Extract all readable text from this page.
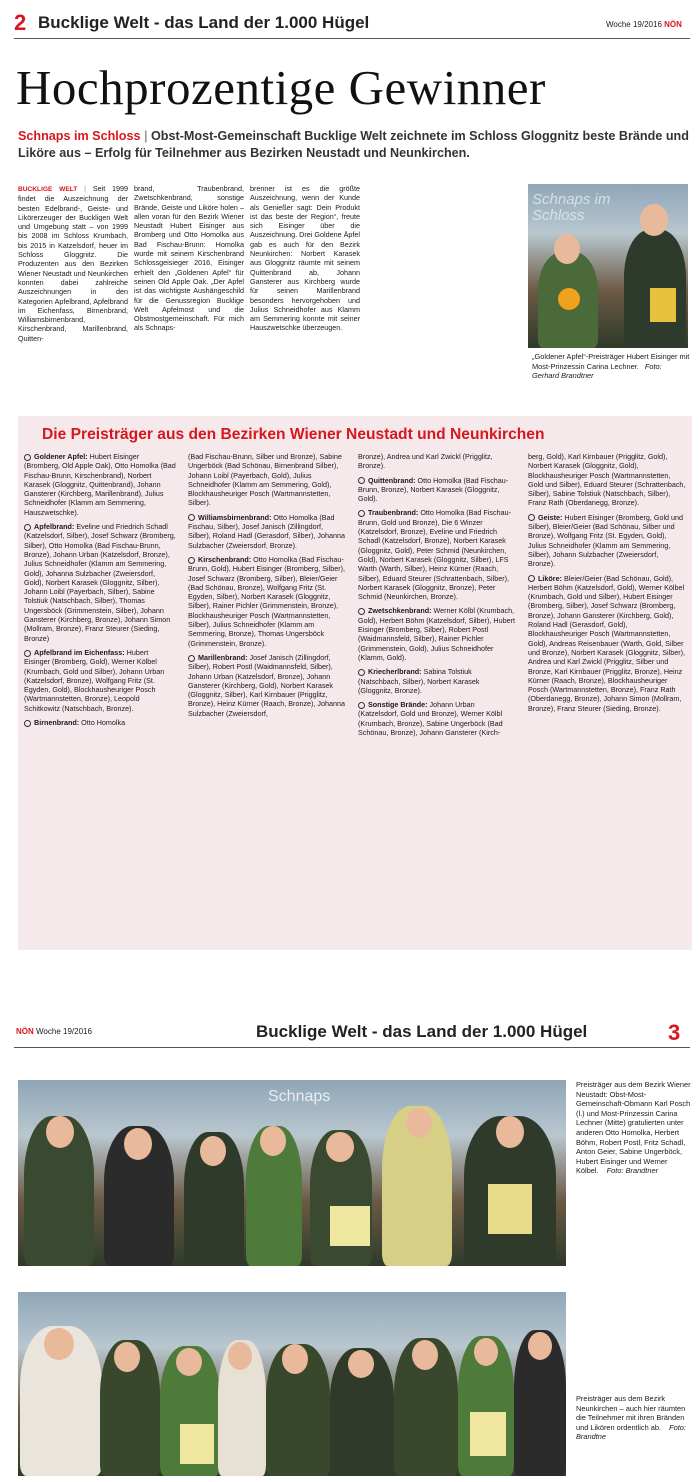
2 Bucklige Welt - das Land der 1.000 Hügel	Woche 19/2016 NÖN
Hochprozentige Gewinner
Schnaps im Schloss | Obst-Most-Gemeinschaft Bucklige Welt zeichnete im Schloss Gloggnitz beste Brände und Liköre aus – Erfolg für Teilnehmer aus Bezirken Neustadt und Neunkirchen.
BUCKLIGE WELT | Seit 1999 findet die Auszeichnung der besten Edelbrand-, Geiste- und Likörerzeuger der Buckligen Welt und Umgebung statt – von 1999 bis 2008 im Schloss Krumbach, bis 2015 in Katzelsdorf, heuer im Schloss Gloggnitz. Die Produzenten aus den Bezirken Wiener Neustadt und Neunkirchen konnten dabei zahlreiche Auszeichnungen in den Kategorien Apfelbrand, Apfelbrand im Eichenfass, Birnenbrand, Williamsbirnenbrand, Kirschenbrand, Marillenbrand, Quitten-
brand, Traubenbrand, Zwetschkenbrand, sonstige Brände, Geiste und Liköre holen – allen voran für den Bezirk Wiener Neustadt Hubert Eisinger aus Bromberg und Otto Homolka aus Bad Fischau-Brunn: Homolka wurde mit seinem Kirschenbrand Schlossgeisieger 2016, Eisinger erhielt den „Goldenen Apfel“ für seinen Old Apple Oak. „Der Apfel ist das wichtigste Aushängeschild für die Genussregion Bucklige Welt Apfelmost und die Obstmostgemeinschaft. Für mich als Schnaps-
brenner ist es die größte Auszeichnung, wenn der Kunde als Genießer sagt: Dein Produkt ist das beste der Region“, freute sich Eisinger über die Auszeichnung. Drei Goldene Äpfel gab es auch für den Bezirk Neunkirchen: Norbert Karasek aus Gloggnitz räumte mit seinem Quittenbrand ab, Johann Gansterer aus Kirchberg wurde für seinen Marillenbrand besonders hervorgehoben und Julius Schneidhofer aus Klamm am Semmering konnte mit seiner Hauszwetschke überzeugen.
Schnaps im Schloss
„Goldener Apfel“-Preisträger Hubert Eisinger mit Most-Prinzessin Carina Lechner. Foto: Gerhard Brandtner
Die Preisträger aus den Bezirken Wiener Neustadt und Neunkirchen

Goldener Apfel: Hubert Eisinger (Bromberg, Old Apple Oak), Otto Homolka (Bad Fischau-Brunn, Kirschenbrand), Norbert Karasek (Gloggnitz, Quittenbrand), Johann Gansterer (Kirchberg, Marillenbrand), Julius Schneidhofer (Klamm am Semmering, Hauszwetschke).

Apfelbrand: Eveline und Friedrich Schadl (Katzelsdorf, Silber), Josef Schwarz (Bromberg, Silber), Otto Homolka (Bad Fischau-Brunn, Bronze), Johann Urban (Katzelsdorf, Bronze), Julius Schneidhofer (Klamm am Semmering, Gold), Johanna Sulzbacher (Zweiersdorf, Gold), Norbert Karasek (Gloggnitz, Silber), Johann Loibl (Payerbach, Silber), Sabine Tolstiuk (Natschbach, Silber), Thomas Ungersböck (Grimmenstein, Silber), Johann Gansterer (Kirchberg, Bronze), Johann Simon (Mollram, Bronze), Franz Steurer (Sieding, Bronze)

Apfelbrand im Eichenfass: Hubert Eisinger (Bromberg, Gold), Werner Kölbel (Krumbach, Gold und Silber), Johann Urban (Katzelsdorf, Bronze), Wolfgang Fritz (St. Egyden, Gold), Blockhausheuriger Posch (Wartmannstetten, Bronze), Leopold Schitkowitz (Natschbach, Bronze).

Birnenbrand: Otto Homolka

(Bad Fischau-Brunn, Silber und Bronze), Sabine Ungerböck (Bad Schönau, Birnenbrand Silber), Johann Loibl (Payerbach, Gold), Julius Schneidhofer (Klamm am Semmering, Gold), Blockhausheuriger Posch (Wartmannstetten, Silber).

Williamsbirnenbrand: Otto Homolka (Bad Fischau, Silber), Josef Janisch (Zillingdorf, Silber), Roland Hadl (Gerasdorf, Silber), Johanna Sulzbacher (Zweiersdorf, Bronze).

Kirschenbrand: Otto Homolka (Bad Fischau-Brunn, Gold), Hubert Eisinger (Bromberg, Silber), Josef Schwarz (Bromberg, Silber), Bleier/Geier (Bad Schönau, Bronze), Wolfgang Fritz (St. Egyden, Silber), Norbert Karasek (Gloggnitz, Silber), Rainer Pichler (Grimmenstein, Bronze), Blockhausheuriger Posch (Wartmannstetten, Silber), Julius Schneidhofer (Klamm am Semmering, Bronze), Thomas Ungersböck (Grimmenstein, Bronze).

Marillenbrand: Josef Janisch (Zillingdorf, Silber), Robert Postl (Waidmannsfeld, Silber), Johann Urban (Katzelsdorf, Bronze), Johann Gansterer (Kirchberg, Gold), Norbert Karasek (Gloggnitz, Silber), Karl Kirnbauer (Prigglitz, Bronze), Heinz Kürner (Raach, Bronze), Johanna Sulzbacher (Zweiersdorf,

Bronze), Andrea und Karl Zwickl (Prigglitz, Bronze).

Quittenbrand: Otto Homolka (Bad Fischau-Brunn, Bronze), Norbert Karasek (Gloggnitz, Gold).

Traubenbrand: Otto Homolka (Bad Fischau-Brunn, Gold und Bronze), Die 6 Winzer (Katzelsdorf, Bronze), Eveline und Friedrich Schadl (Katzelsdorf, Bronze), Norbert Karasek (Gloggnitz, Gold), Peter Schmid (Neunkirchen, Gold), Norbert Karasek (Gloggnitz, Silber), LFS Warth (Warth, Silber), Heinz Kürner (Raach, Silber), Eduard Steurer (Schrattenbach, Silber), Norbert Karasek (Gloggnitz, Bronze), Peter Schmid (Neunkirchen, Bronze).

Zwetschkenbrand: Werner Kölbl (Krumbach, Gold), Herbert Böhm (Katzelsdorf, Silber), Hubert Eisinger (Bromberg, Silber), Robert Postl (Waidmannsfeld, Silber), Rainer Pichler (Grimmenstein, Gold), Julius Schneidhofer (Klamm, Gold).

Kriecherlbrand: Sabina Tolstiuk (Natschbach, Silber), Norbert Karasek (Gloggnitz, Bronze).

Sonstige Brände: Johann Urban (Katzelsdorf, Gold und Bronze), Werner Kölbl (Krumbach, Bronze), Sabine Ungerböck (Bad Schönau, Bronze), Johann Gansterer (Kirch-

berg, Gold), Karl Kirnbauer (Prigglitz, Gold), Norbert Karasek (Gloggnitz, Gold), Blockhausheuriger Posch (Wartmannstetten, Gold und Silber), Eduard Steurer (Schrattenbach, Silber), Sabine Tolstiuk (Natschbach, Silber), Franz Rath (Oberdanegg, Bronze).

Geiste: Hubert Eisinger (Bromberg, Gold und Silber), Bleier/Geier (Bad Schönau, Silber und Bronze), Wolfgang Fritz (St. Egyden, Gold), Julius Schneidhofer (Klamm am Semmering, Silber), Johann Sulzbacher (Zweiersdorf, Bronze).

Liköre: Bleier/Geier (Bad Schönau, Gold), Herbert Böhm (Katzelsdorf, Gold), Werner Kölbel (Krumbach, Gold und Silber), Hubert Eisinger (Bromberg, Silber), Josef Schwarz (Bromberg, Bronze), Johann Gansterer (Kirchberg, Gold), Roland Hadl (Gerasdorf, Gold), Blockhausheuriger Posch (Wartmannstetten, Gold), Andreas Reisenbauer (Warth, Gold, Silber und Bronze), Norbert Karasek (Gloggnitz, Silber), Andrea und Karl Zwickl (Prigglitz, Silber und Bronze, Karl Kirnbauer (Prigglitz, Bronze), Heinz Kürner (Raach, Bronze), Blockhausheuriger Posch (Wartmannstetten, Bronze), Franz Rath (Oberdanegg, Bronze), Johann Simon (Mollram, Bronze), Franz Steurer (Sieding, Bronze).

NÖN Woche 19/2016	Bucklige Welt - das Land der 1.000 Hügel	3
Schnaps
Preisträger aus dem Bezirk Wiener Neustadt: Obst-Most-Gemeinschaft-Obmann Karl Posch (l.) und Most-Prinzessin Carina Lechner (Mitte) gratulierten unter anderen Otto Homolka, Herbert Böhm, Robert Postl, Fritz Schadl, Anton Geier, Sabine Ungerböck, Hubert Eisinger und Werner Kölbel. Foto: Brandtner
Preisträger aus dem Bezirk Neunkirchen – auch hier räumten die Teilnehmer mit ihren Bränden und Likören ordentlich ab. Foto: Brandtne
